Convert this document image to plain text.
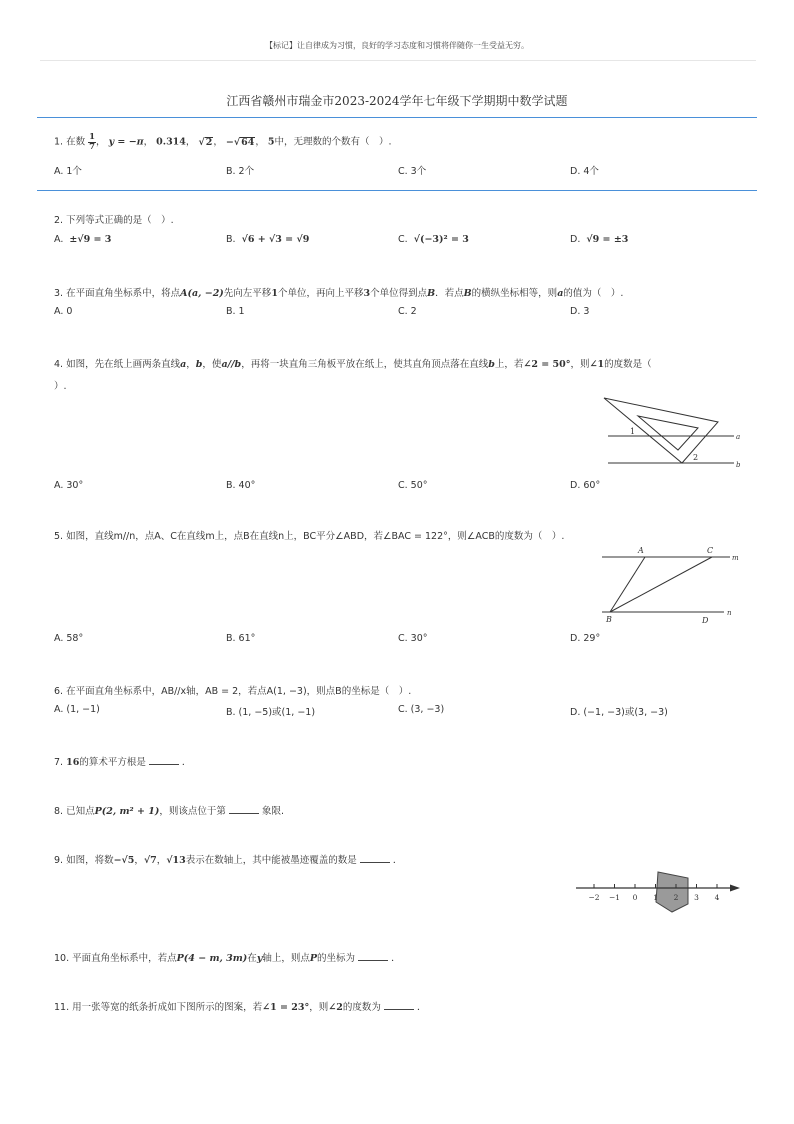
【标记】让自律成为习惯，良好的学习态度和习惯将伴随你一生受益无穷。
江西省赣州市瑞金市2023-2024学年七年级下学期期中数学试题
1. 在数 $\frac{1}{7}$ ， y = −π， 0.314， √2， −√64， 5中，无理数的个数有（　）.
A. 1个	B. 2个	C. 3个	D. 4个
2. 下列等式正确的是（　）.
A. ±√9 = 3	B. √6 + √3 = √9	C. √(−3)² = 3	D. √9 = ±3
3. 在平面直角坐标系中，将点A(a, −2)先向左平移1个单位，再向上平移3个单位得到点B．若点B的横纵坐标相等，则a的值为（　）.
A. 0	B. 1	C. 2	D. 3
4. 如图，先在纸上画两条直线a，b，使a//b，再将一块直角三角板平放在纸上，使其直角顶点落在直线b上，若∠2 = 50°，则∠1的度数是（
）.
1
2
a
b
A. 30°	B. 40°	C. 50°	D. 60°
5. 如图，直线m//n，点A、C在直线m上，点B在直线n上，BC平分∠ABD，若∠BAC = 122°，则∠ACB的度数为（　）.
A	C
m
B	D
n
A. 58°	B. 61°	C. 30°	D. 29°
6. 在平面直角坐标系中，AB//x轴，AB = 2，若点A(1, −3)，则点B的坐标是（　）.
A. (1, −1)	B. (1, −5)或(1, −1)	C. (3, −3)	D. (−1, −3)或(3, −3)
7. 16的算术平方根是	．
8. 已知点P(2, m² + 1)，则该点位于第	象限.
9. 如图，将数−√5，√7，√13表示在数轴上，其中能被墨迹覆盖的数是	．
−2 −1 0 1 2 3 4
10. 平面直角坐标系中，若点P(4 − m, 3m)在y轴上，则点P的坐标为	．
11. 用一张等宽的纸条折成如下图所示的图案，若∠1 = 23°，则∠2的度数为	．
